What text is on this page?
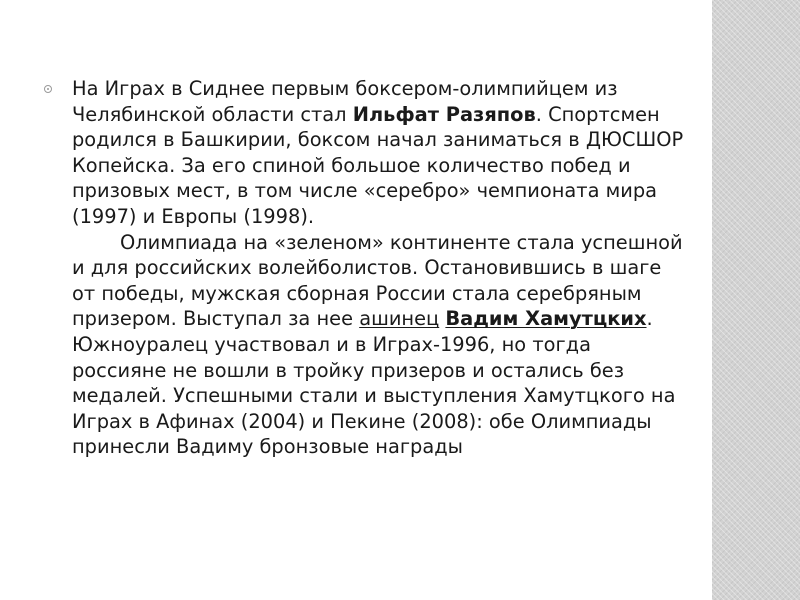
На Играх в Сиднее первым боксером-олимпийцем из Челябинской области стал Ильфат Разяпов. Спортсмен родился в Башкирии, боксом начал заниматься в ДЮСШОР Копейска. За его спиной большое количество побед и призовых мест, в том числе «серебро» чемпионата мира (1997) и Европы (1998).
Олимпиада на «зеленом» континенте стала успешной и для российских волейболистов. Остановившись в шаге от победы, мужская сборная России стала серебряным призером. Выступал за нее ашинец Вадим Хамутцких. Южноуралец участвовал и в Играх-1996, но тогда россияне не вошли в тройку призеров и остались без медалей. Успешными стали и выступления Хамутцкого на Играх в Афинах (2004) и Пекине (2008): обе Олимпиады принесли Вадиму бронзовые награды
